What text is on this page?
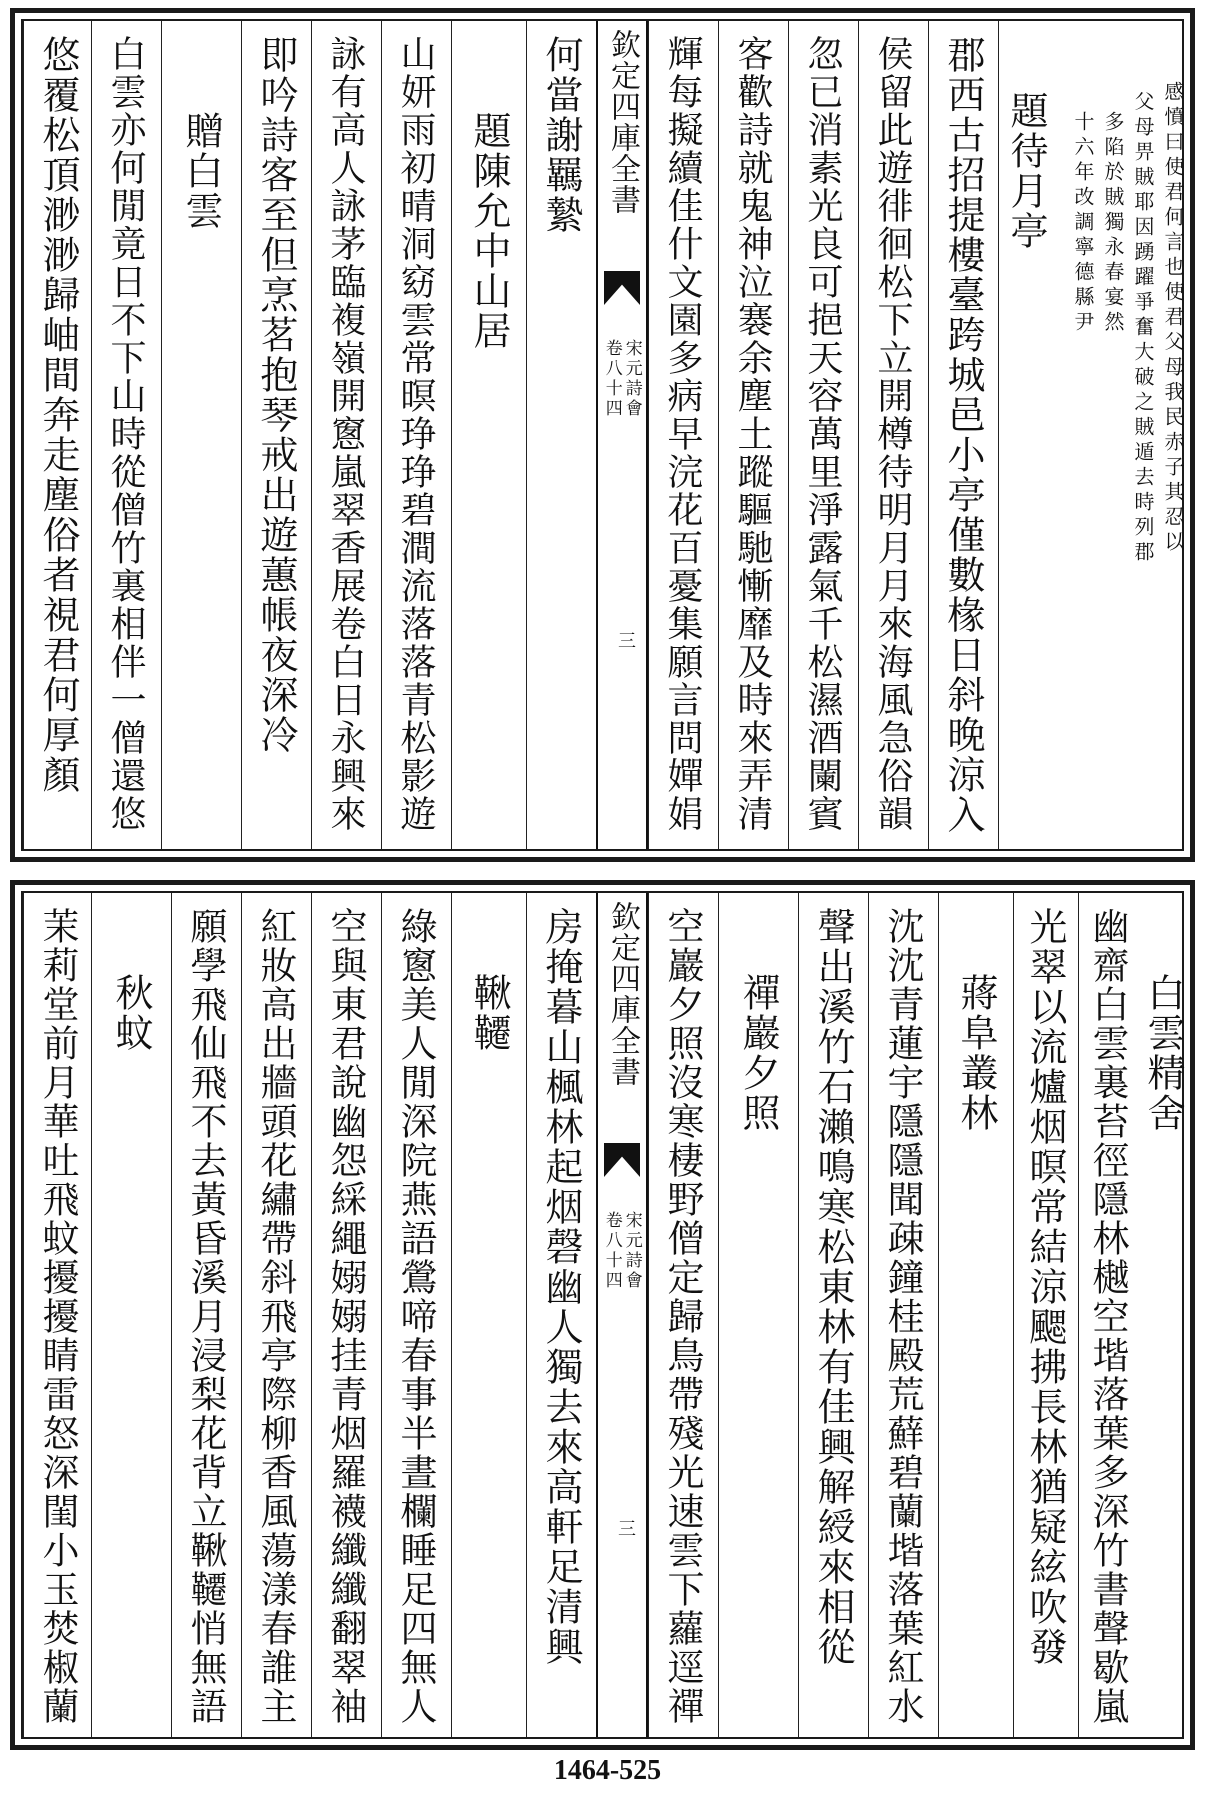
悠覆松頂渺渺歸岫間奔走塵俗者視君何厚顏 白雲亦何閒竟日不下山時從僧竹裏相伴一僧還悠 贈白雲 即吟詩客至但烹茗抱琴戒出遊蕙帳夜深冷 詠有高人詠茅臨複嶺開窻嵐翠香展卷白日永興來 山妍雨初晴洞窈雲常暝琤琤碧澗流落落青松影遊 題陳允中山居 何當謝羈縶 欽定四庫全書
宋元詩會
卷八十四
三 輝每擬續佳什文園多病早浣花百憂集願言問嬋娟 客歡詩就鬼神泣褰余塵土蹤驅馳慚靡及時來弄清 忽已消素光良可挹天容萬里淨露氣千松濕酒闌賓 侯留此遊徘徊松下立開樽待明月月來海風急俗韻 郡西古招提樓臺跨城邑小亭僅數椽日斜晚涼入 題待月亭	感憤曰使君何言也使君父母我民赤子其忍以
父母畀賊耶因踴躍爭奮大破之賊遁去時列郡
多陷於賊獨永春宴然
十六年改調寧德縣尹
茉莉堂前月華吐飛蚊擾擾睛雷怒深閨小玉焚椒蘭 秋蚊 願學飛仙飛不去黃昏溪月浸梨花背立鞦韆悄無語 紅妝高出牆頭花繡帶斜飛亭際柳香風蕩漾春誰主 空與東君說幽怨綵繩嫋嫋挂青烟羅襪纖纖翻翠袖 綠窻美人閒深院燕語鶯啼春事半晝欄睡足四無人 鞦韆 房掩暮山楓林起烟磬幽人獨去來高軒足清興 欽定四庫全書
宋元詩會
卷八十四
三 空巖夕照沒寒棲野僧定歸鳥帶殘光速雲下蘿逕禪 禪巖夕照 聲出溪竹石瀨鳴寒松東林有佳興解綬來相從 沈沈青蓮宇隱隱聞疎鐘桂殿荒蘚碧蘭堦落葉紅水 蔣阜叢林 光翠以流爐烟暝常結涼颸拂長林猶疑絃吹發 幽齋白雲裏苔徑隱林樾空堦落葉多深竹書聲歇嵐 白雲精舍
1464-525
